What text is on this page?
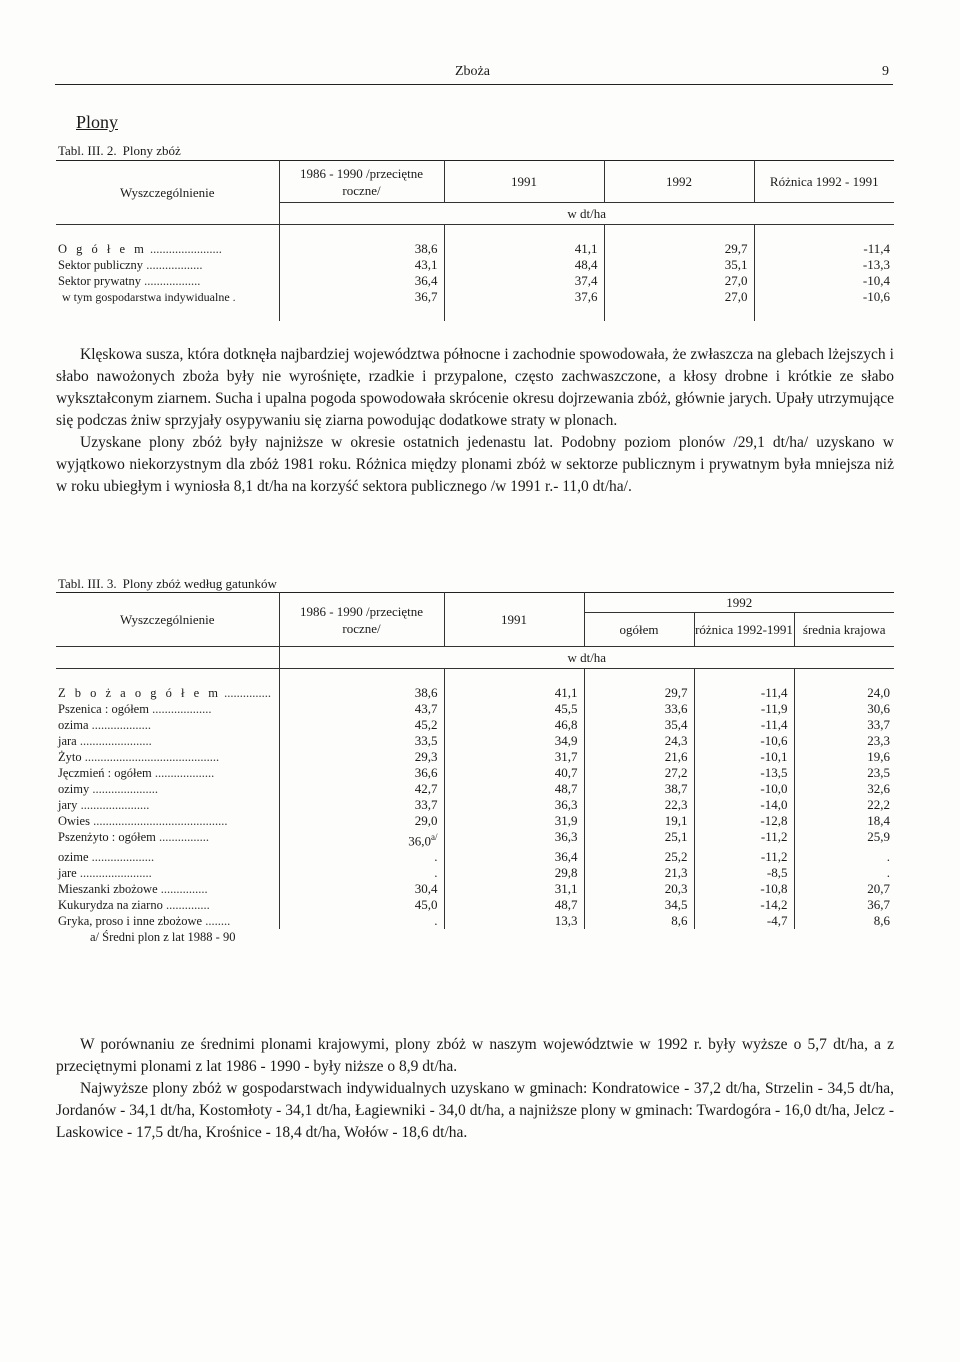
Zboża	9
Plony
Tabl. III. 2. Plony zbóż
Wyszczególnienie	1986 - 1990 /przeciętne roczne/	1991	1992	Różnica 1992 - 1991
	w dt/ha			

O g ó ł e m .......................	38,6	41,1	29,7	-11,4
Sektor publiczny ..................	43,1	48,4	35,1	-13,3
Sektor prywatny ..................	36,4	37,4	27,0	-10,4
w tym gospodarstwa indywidualne .	36,7	37,6	27,0	-10,6

Klęskowa susza, która dotknęła najbardziej województwa północne i zachodnie spowodowała, że zwłaszcza na glebach lżejszych i słabo nawożonych zboża były nie wyrośnięte, rzadkie i przypalone, często zachwaszczone, a kłosy drobne i krótkie ze słabo wykształconym ziarnem. Sucha i upalna pogoda spowodowała skrócenie okresu dojrzewania zbóż, głównie jarych. Upały utrzymujące się podczas żniw sprzyjały osypywaniu się ziarna powodując dodatkowe straty w plonach.

Uzyskane plony zbóż były najniższe w okresie ostatnich jedenastu lat. Podobny poziom plonów /29,1 dt/ha/ uzyskano w wyjątkowo niekorzystnym dla zbóż 1981 roku. Różnica między plonami zbóż w sektorze publicznym i prywatnym była mniejsza niż w roku ubiegłym i wyniosła 8,1 dt/ha na korzyść sektora publicznego /w 1991 r.- 11,0 dt/ha/.

Tabl. III. 3. Plony zbóż według gatunków
Wyszczególnienie	1986 - 1990 /przeciętne roczne/	1991	1992		
			ogółem	różnica 1992-1991	średnia krajowa
	w dt/ha				

Z b o ż a o g ó ł e m ...............	38,6	41,1	29,7	-11,4	24,0
Pszenica : ogółem ...................	43,7	45,5	33,6	-11,9	30,6
ozima ...................	45,2	46,8	35,4	-11,4	33,7
jara .......................	33,5	34,9	24,3	-10,6	23,3
Żyto ...........................................	29,3	31,7	21,6	-10,1	19,6
Jęczmień : ogółem ...................	36,6	40,7	27,2	-13,5	23,5
ozimy .....................	42,7	48,7	38,7	-10,0	32,6
jary ......................	33,7	36,3	22,3	-14,0	22,2
Owies ...........................................	29,0	31,9	19,1	-12,8	18,4
Pszenżyto : ogółem ................	$36,0^{a/}$	36,3	25,1	-11,2	25,9
ozime ....................	.	36,4	25,2	-11,2	.
jare .......................	.	29,8	21,3	-8,5	.
Mieszanki zbożowe ...............	30,4	31,1	20,3	-10,8	20,7
Kukurydza na ziarno ..............	45,0	48,7	34,5	-14,2	36,7
Gryka, proso i inne zbożowe ........	.	13,3	8,6	-4,7	8,6
a/ Średni plon z lat 1988 - 90					

W porównaniu ze średnimi plonami krajowymi, plony zbóż w naszym województwie w 1992 r. były wyższe o 5,7 dt/ha, a z przeciętnymi plonami z lat 1986 - 1990 - były niższe o 8,9 dt/ha.

Najwyższe plony zbóż w gospodarstwach indywidualnych uzyskano w gminach: Kondratowice - 37,2 dt/ha, Strzelin - 34,5 dt/ha, Jordanów - 34,1 dt/ha, Kostomłoty - 34,1 dt/ha, Łagiewniki - 34,0 dt/ha, a najniższe plony w gminach: Twardogóra - 16,0 dt/ha, Jelcz - Laskowice - 17,5 dt/ha, Krośnice - 18,4 dt/ha, Wołów - 18,6 dt/ha.
